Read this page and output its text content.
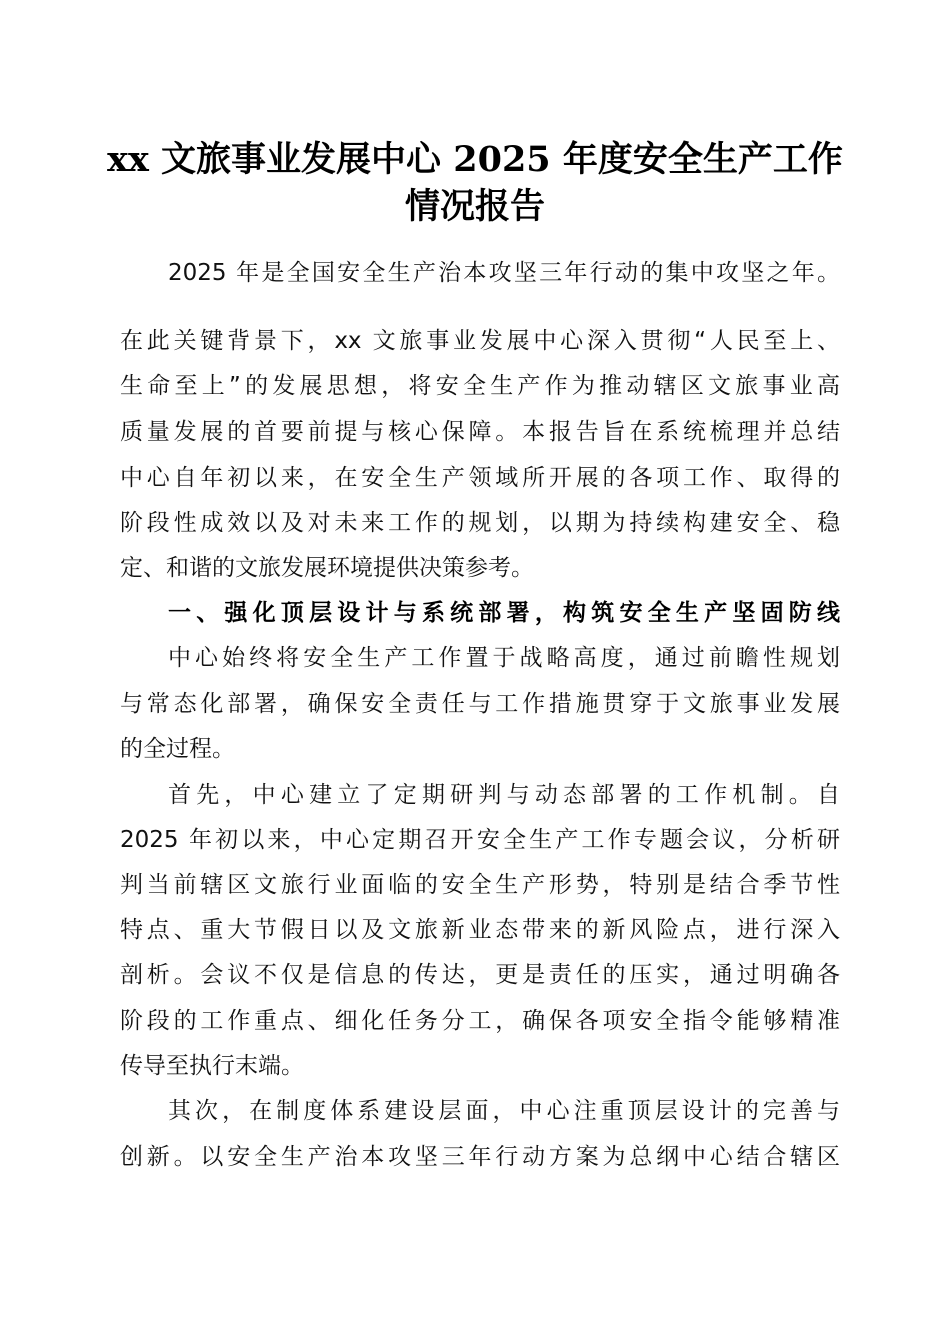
xx 文旅事业发展中心 2025 年度安全生产工作
情况报告
2025 年是全国安全生产治本攻坚三年行动的集中攻坚之年。
在此关键背景下，xx 文旅事业发展中心深入贯彻“人民至上、
生命至上”的发展思想，将安全生产作为推动辖区文旅事业高
质量发展的首要前提与核心保障。本报告旨在系统梳理并总结
中心自年初以来，在安全生产领域所开展的各项工作、取得的
阶段性成效以及对未来工作的规划，以期为持续构建安全、稳
定、和谐的文旅发展环境提供决策参考。
一、强化顶层设计与系统部署，构筑安全生产坚固防线
中心始终将安全生产工作置于战略高度，通过前瞻性规划
与常态化部署，确保安全责任与工作措施贯穿于文旅事业发展
的全过程。
首先，中心建立了定期研判与动态部署的工作机制。自
2025 年初以来，中心定期召开安全生产工作专题会议，分析研
判当前辖区文旅行业面临的安全生产形势，特别是结合季节性
特点、重大节假日以及文旅新业态带来的新风险点，进行深入
剖析。会议不仅是信息的传达，更是责任的压实，通过明确各
阶段的工作重点、细化任务分工，确保各项安全指令能够精准
传导至执行末端。
其次，在制度体系建设层面，中心注重顶层设计的完善与
创新。以安全生产治本攻坚三年行动方案为总纲中心结合辖区
